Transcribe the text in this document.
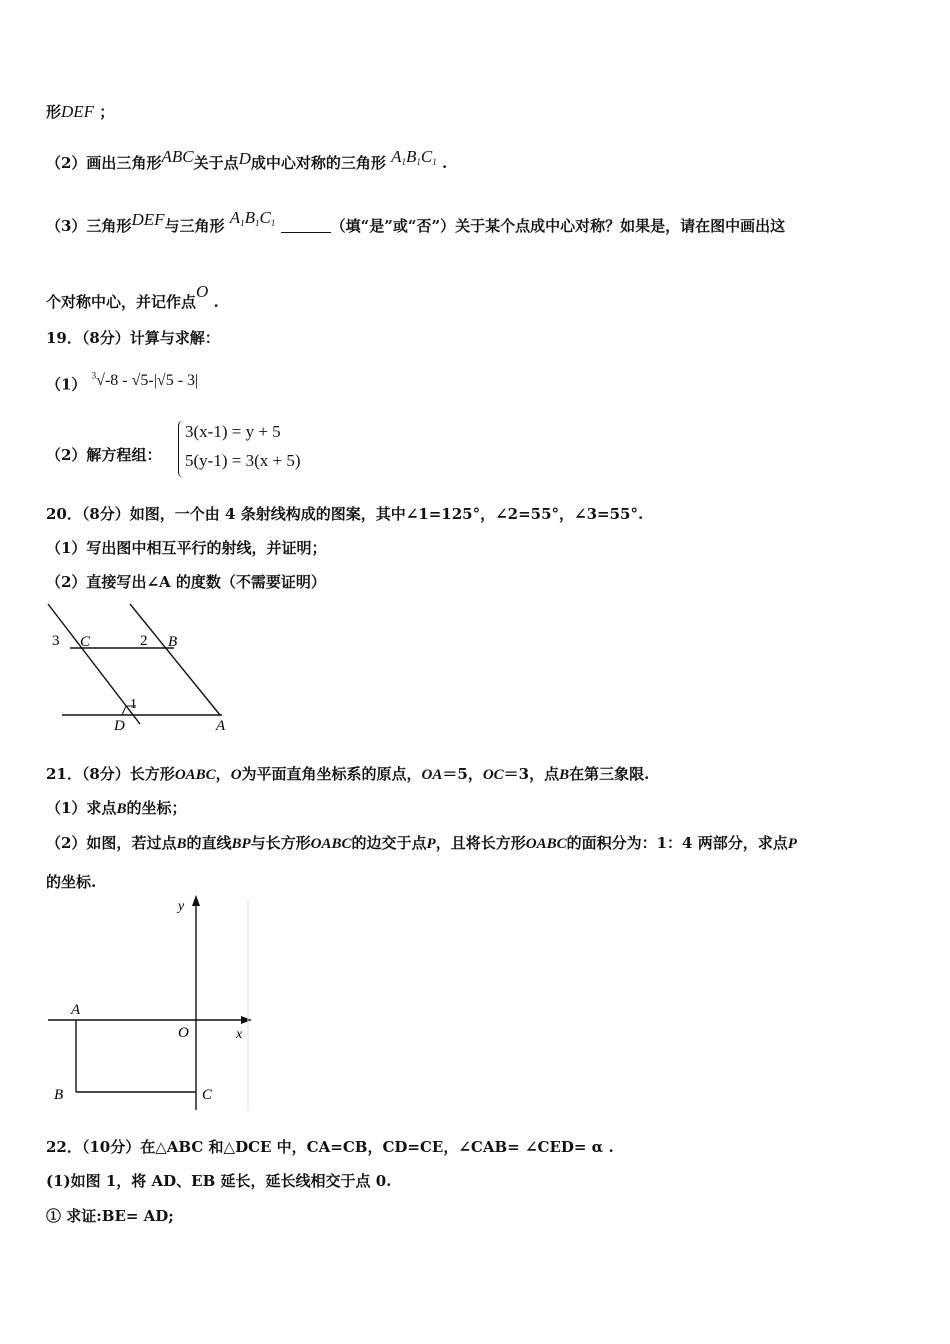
形DEF ；
（2）画出三角形ABC关于点D成中心对称的三角形 $A_1B_1C_1$ .
（3）三角形DEF与三角形 $A_1B_1C_1$	（填“是”或“否”）关于某个点成中心对称？如果是，请在图中画出这
个对称中心，并记作点O .
19．（8分）计算与求解：
（1） $^3$√-8 - √5-|√5 - 3|
（2）解方程组：
3(x-1) = y + 5
5(y-1) = 3(x + 5)
20．（8分）如图，一个由 4 条射线构成的图案，其中∠1=125°，∠2=55°，∠3=55°.
（1）写出图中相互平行的射线，并证明；
（2）直接写出∠A 的度数（不需要证明）
3 C	2 B
1
D	A
21．（8分）长方形OABC，O为平面直角坐标系的原点，OA＝5，OC＝3，点B在第三象限.
（1）求点B的坐标；
（2）如图，若过点B的直线BP与长方形OABC的边交于点P，且将长方形OABC的面积分为：1：4 两部分，求点P
的坐标.
y
x
A
O
B	C
22．（10分）在△ABC 和△DCE 中，CA=CB，CD=CE，∠CAB= ∠CED= α .
(1)如图 1，将 AD、EB 延长，延长线相交于点 0.
① 求证:BE= AD;
